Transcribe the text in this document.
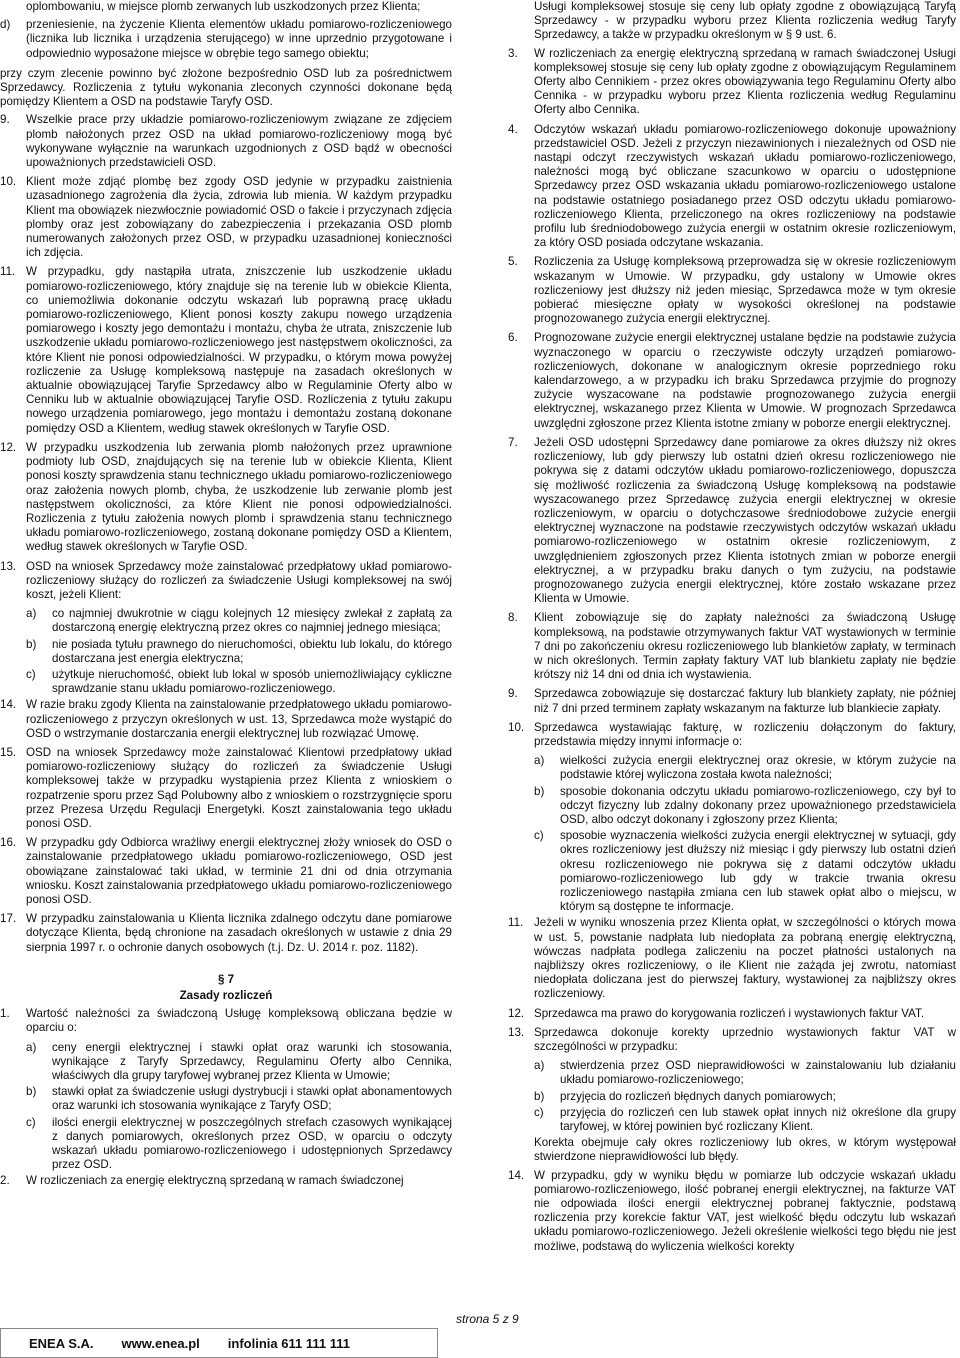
oplombowaniu, w miejsce plomb zerwanych lub uszkodzonych przez Klienta;
d)	przeniesienie, na życzenie Klienta elementów układu pomiarowo-rozliczeniowego (licznika lub licznika i urządzenia sterującego) w inne uprzednio przygotowane i odpowiednio wyposażone miejsce w obrębie tego samego obiektu;
przy czym zlecenie powinno być złożone bezpośrednio OSD lub za pośrednictwem Sprzedawcy. Rozliczenia z tytułu wykonania zleconych czynności dokonane będą pomiędzy Klientem a OSD na podstawie Taryfy OSD.
9.	Wszelkie prace przy układzie pomiarowo-rozliczeniowym związane ze zdjęciem plomb nałożonych przez OSD na układ pomiarowo-rozliczeniowy mogą być wykonywane wyłącznie na warunkach uzgodnionych z OSD bądź w obecności upoważnionych przedstawicieli OSD.
10. Klient może zdjąć plombę bez zgody OSD jedynie w przypadku zaistnienia uzasadnionego zagrożenia dla życia, zdrowia lub mienia. W każdym przypadku Klient ma obowiązek niezwłocznie powiadomić OSD o fakcie i przyczynach zdjęcia plomby oraz jest zobowiązany do zabezpieczenia i przekazania OSD plomb numerowanych założonych przez OSD, w przypadku uzasadnionej konieczności ich zdjęcia.
11. W przypadku, gdy nastąpiła utrata, zniszczenie lub uszkodzenie układu pomiarowo-rozliczeniowego, który znajduje się na terenie lub w obiekcie Klienta, co uniemożliwia dokonanie odczytu wskazań lub poprawną pracę układu pomiarowo-rozliczeniowego, Klient ponosi koszty zakupu nowego urządzenia pomiarowego i koszty jego demontażu i montażu, chyba że utrata, zniszczenie lub uszkodzenie układu pomiarowo-rozliczeniowego jest następstwem okoliczności, za które Klient nie ponosi odpowiedzialności. W przypadku, o którym mowa powyżej rozliczenie za Usługę kompleksową następuje na zasadach określonych w aktualnie obowiązującej Taryfie Sprzedawcy albo w Regulaminie Oferty albo w Cenniku lub w aktualnie obowiązującej Taryfie OSD. Rozliczenia z tytułu zakupu nowego urządzenia pomiarowego, jego montażu i demontażu zostaną dokonane pomiędzy OSD a Klientem, według stawek określonych w Taryfie OSD.
12. W przypadku uszkodzenia lub zerwania plomb nałożonych przez uprawnione podmioty lub OSD, znajdujących się na terenie lub w obiekcie Klienta, Klient ponosi koszty sprawdzenia stanu technicznego układu pomiarowo-rozliczeniowego oraz założenia nowych plomb, chyba, że uszkodzenie lub zerwanie plomb jest następstwem okoliczności, za które Klient nie ponosi odpowiedzialności. Rozliczenia z tytułu założenia nowych plomb i sprawdzenia stanu technicznego układu pomiarowo-rozliczeniowego, zostaną dokonane pomiędzy OSD a Klientem, według stawek określonych w Taryfie OSD.
13. OSD na wniosek Sprzedawcy może zainstalować przedpłatowy układ pomiarowo-rozliczeniowy służący do rozliczeń za świadczenie Usługi kompleksowej na swój koszt, jeżeli Klient:
a)	co najmniej dwukrotnie w ciągu kolejnych 12 miesięcy zwlekał z zapłatą za dostarczoną energię elektryczną przez okres co najmniej jednego miesiąca;
b)	nie posiada tytułu prawnego do nieruchomości, obiektu lub lokalu, do którego dostarczana jest energia elektryczna;
c)	użytkuje nieruchomość, obiekt lub lokal w sposób uniemożliwiający cykliczne sprawdzanie stanu układu pomiarowo-rozliczeniowego.
14. W razie braku zgody Klienta na zainstalowanie przedpłatowego układu pomiarowo-rozliczeniowego z przyczyn określonych w ust. 13, Sprzedawca może wystąpić do OSD o wstrzymanie dostarczania energii elektrycznej lub rozwiązać Umowę.
15. OSD na wniosek Sprzedawcy może zainstalować Klientowi przedpłatowy układ pomiarowo-rozliczeniowy służący do rozliczeń za świadczenie Usługi kompleksowej także w przypadku wystąpienia przez Klienta z wnioskiem o rozpatrzenie sporu przez Sąd Polubowny albo z wnioskiem o rozstrzygnięcie sporu przez Prezesa Urzędu Regulacji Energetyki. Koszt zainstalowania tego układu ponosi OSD.
16. W przypadku gdy Odbiorca wrażliwy energii elektrycznej złoży wniosek do OSD o zainstalowanie przedpłatowego układu pomiarowo-rozliczeniowego, OSD jest obowiązane zainstalować taki układ, w terminie 21 dni od dnia otrzymania wniosku. Koszt zainstalowania przedpłatowego układu pomiarowo-rozliczeniowego ponosi OSD.
17. W przypadku zainstalowania u Klienta licznika zdalnego odczytu dane pomiarowe dotyczące Klienta, będą chronione na zasadach określonych w ustawie z dnia 29 sierpnia 1997 r. o ochronie danych osobowych (t.j. Dz. U. 2014 r. poz. 1182).
§ 7
Zasady rozliczeń
1.	Wartość należności za świadczoną Usługę kompleksową obliczana będzie w oparciu o:
a)	ceny energii elektrycznej i stawki opłat oraz warunki ich stosowania, wynikające z Taryfy Sprzedawcy, Regulaminu Oferty albo Cennika, właściwych dla grupy taryfowej wybranej przez Klienta w Umowie;
b)	stawki opłat za świadczenie usługi dystrybucji i stawki opłat abonamentowych oraz warunki ich stosowania wynikające z Taryfy OSD;
c)	ilości energii elektrycznej w poszczególnych strefach czasowych wynikającej z danych pomiarowych, określonych przez OSD, w oparciu o odczyty wskazań układu pomiarowo-rozliczeniowego i udostępnionych Sprzedawcy przez OSD.
2.	W rozliczeniach za energię elektryczną sprzedaną w ramach świadczonej
Usługi kompleksowej stosuje się ceny lub opłaty zgodne z obowiązującą Taryfą Sprzedawcy - w przypadku wyboru przez Klienta rozliczenia według Taryfy Sprzedawcy, a także w przypadku określonym w § 9 ust. 6.
3.	W rozliczeniach za energię elektryczną sprzedaną w ramach świadczonej Usługi kompleksowej stosuje się ceny lub opłaty zgodne z obowiązującym Regulaminem Oferty albo Cennikiem - przez okres obowiązywania tego Regulaminu Oferty albo Cennika - w przypadku wyboru przez Klienta rozliczenia według Regulaminu Oferty albo Cennika.
4.	Odczytów wskazań układu pomiarowo-rozliczeniowego dokonuje upoważniony przedstawiciel OSD. Jeżeli z przyczyn niezawinionych i niezależnych od OSD nie nastąpi odczyt rzeczywistych wskazań układu pomiarowo-rozliczeniowego, należności mogą być obliczane szacunkowo w oparciu o udostępnione Sprzedawcy przez OSD wskazania układu pomiarowo-rozliczeniowego ustalone na podstawie ostatniego posiadanego przez OSD odczytu układu pomiarowo-rozliczeniowego Klienta, przeliczonego na okres rozliczeniowy na podstawie profilu lub średniodobowego zużycia energii w ostatnim okresie rozliczeniowym, za który OSD posiada odczytane wskazania.
5.	Rozliczenia za Usługę kompleksową przeprowadza się w okresie rozliczeniowym wskazanym w Umowie. W przypadku, gdy ustalony w Umowie okres rozliczeniowy jest dłuższy niż jeden miesiąc, Sprzedawca może w tym okresie pobierać miesięczne opłaty w wysokości określonej na podstawie prognozowanego zużycia energii elektrycznej.
6.	Prognozowane zużycie energii elektrycznej ustalane będzie na podstawie zużycia wyznaczonego w oparciu o rzeczywiste odczyty urządzeń pomiarowo-rozliczeniowych, dokonane w analogicznym okresie poprzedniego roku kalendarzowego, a w przypadku ich braku Sprzedawca przyjmie do prognozy zużycie wyszacowane na podstawie prognozowanego zużycia energii elektrycznej, wskazanego przez Klienta w Umowie. W prognozach Sprzedawca uwzględni zgłoszone przez Klienta istotne zmiany w poborze energii elektrycznej.
7.	Jeżeli OSD udostępni Sprzedawcy dane pomiarowe za okres dłuższy niż okres rozliczeniowy, lub gdy pierwszy lub ostatni dzień okresu rozliczeniowego nie pokrywa się z datami odczytów układu pomiarowo-rozliczeniowego, dopuszcza się możliwość rozliczenia za świadczoną Usługę kompleksową na podstawie wyszacowanego przez Sprzedawcę zużycia energii elektrycznej w okresie rozliczeniowym, w oparciu o dotychczasowe średniodobowe zużycie energii elektrycznej wyznaczone na podstawie rzeczywistych odczytów wskazań układu pomiarowo-rozliczeniowego w ostatnim okresie rozliczeniowym, z uwzględnieniem zgłoszonych przez Klienta istotnych zmian w poborze energii elektrycznej, a w przypadku braku danych o tym zużyciu, na podstawie prognozowanego zużycia energii elektrycznej, które zostało wskazane przez Klienta w Umowie.
8.	Klient zobowiązuje się do zapłaty należności za świadczoną Usługę kompleksową, na podstawie otrzymywanych faktur VAT wystawionych w terminie 7 dni po zakończeniu okresu rozliczeniowego lub blankietów zapłaty, w terminach w nich określonych. Termin zapłaty faktury VAT lub blankietu zapłaty nie będzie krótszy niż 14 dni od dnia ich wystawienia.
9.	Sprzedawca zobowiązuje się dostarczać faktury lub blankiety zapłaty, nie później niż 7 dni przed terminem zapłaty wskazanym na fakturze lub blankiecie zapłaty.
10. Sprzedawca wystawiając fakturę, w rozliczeniu dołączonym do faktury, przedstawia między innymi informacje o:
a)	wielkości zużycia energii elektrycznej oraz okresie, w którym zużycie na podstawie której wyliczona została kwota należności;
b)	sposobie dokonania odczytu układu pomiarowo-rozliczeniowego, czy był to odczyt fizyczny lub zdalny dokonany przez upoważnionego przedstawiciela OSD, albo odczyt dokonany i zgłoszony przez Klienta;
c)	sposobie wyznaczenia wielkości zużycia energii elektrycznej w sytuacji, gdy okres rozliczeniowy jest dłuższy niż miesiąc i gdy pierwszy lub ostatni dzień okresu rozliczeniowego nie pokrywa się z datami odczytów układu pomiarowo-rozliczeniowego lub gdy w trakcie trwania okresu rozliczeniowego nastąpiła zmiana cen lub stawek opłat albo o miejscu, w którym są dostępne te informacje.
11. Jeżeli w wyniku wnoszenia przez Klienta opłat, w szczególności o których mowa w ust. 5, powstanie nadpłata lub niedopłata za pobraną energię elektryczną, wówczas nadpłata podlega zaliczeniu na poczet płatności ustalonych na najbliższy okres rozliczeniowy, o ile Klient nie zażąda jej zwrotu, natomiast niedopłata doliczana jest do pierwszej faktury, wystawionej za najbliższy okres rozliczeniowy.
12. Sprzedawca ma prawo do korygowania rozliczeń i wystawionych faktur VAT.
13. Sprzedawca dokonuje korekty uprzednio wystawionych faktur VAT w szczególności w przypadku:
a)	stwierdzenia przez OSD nieprawidłowości w zainstalowaniu lub działaniu układu pomiarowo-rozliczeniowego;
b)	przyjęcia do rozliczeń błędnych danych pomiarowych;
c)	przyjęcia do rozliczeń cen lub stawek opłat innych niż określone dla grupy taryfowej, w której powinien być rozliczany Klient.
Korekta obejmuje cały okres rozliczeniowy lub okres, w którym występował stwierdzone nieprawidłowości lub błędy.
14. W przypadku, gdy w wyniku błędu w pomiarze lub odczycie wskazań układu pomiarowo-rozliczeniowego, ilość pobranej energii elektrycznej, na fakturze VAT nie odpowiada ilości energii elektrycznej pobranej faktycznie, podstawą rozliczenia przy korekcie faktur VAT, jest wielkość błędu odczytu lub wskazań układu pomiarowo-rozliczeniowego. Jeżeli określenie wielkości tego błędu nie jest możliwe, podstawą do wyliczenia wielkości korekty
strona 5 z 9
ENEA S.A. www.enea.pl infolinia 611 111 111
